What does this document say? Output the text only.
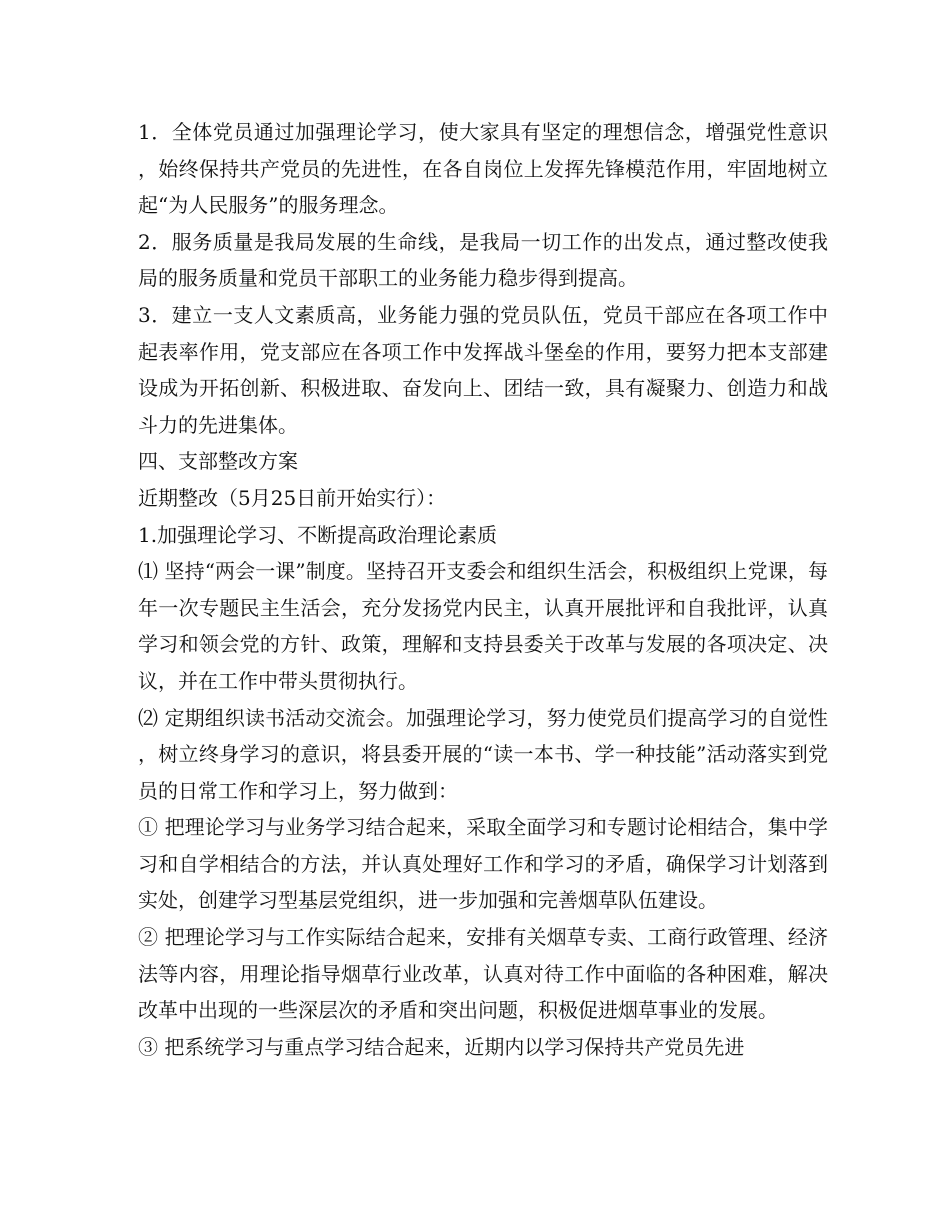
1．全体党员通过加强理论学习，使大家具有坚定的理想信念，增强党性意识，始终保持共产党员的先进性，在各自岗位上发挥先锋模范作用，牢固地树立起“为人民服务”的服务理念。

2．服务质量是我局发展的生命线，是我局一切工作的出发点，通过整改使我局的服务质量和党员干部职工的业务能力稳步得到提高。

3．建立一支人文素质高，业务能力强的党员队伍，党员干部应在各项工作中起表率作用，党支部应在各项工作中发挥战斗堡垒的作用，要努力把本支部建设成为开拓创新、积极进取、奋发向上、团结一致，具有凝聚力、创造力和战斗力的先进集体。

四、支部整改方案

近期整改（5月25日前开始实行）：

1.加强理论学习、不断提高政治理论素质

⑴ 坚持“两会一课”制度。坚持召开支委会和组织生活会，积极组织上党课，每年一次专题民主生活会，充分发扬党内民主，认真开展批评和自我批评，认真学习和领会党的方针、政策，理解和支持县委关于改革与发展的各项决定、决议，并在工作中带头贯彻执行。

⑵ 定期组织读书活动交流会。加强理论学习，努力使党员们提高学习的自觉性，树立终身学习的意识，将县委开展的“读一本书、学一种技能”活动落实到党员的日常工作和学习上，努力做到：

① 把理论学习与业务学习结合起来，采取全面学习和专题讨论相结合，集中学习和自学相结合的方法，并认真处理好工作和学习的矛盾，确保学习计划落到实处，创建学习型基层党组织，进一步加强和完善烟草队伍建设。

② 把理论学习与工作实际结合起来，安排有关烟草专卖、工商行政管理、经济法等内容，用理论指导烟草行业改革，认真对待工作中面临的各种困难，解决改革中出现的一些深层次的矛盾和突出问题，积极促进烟草事业的发展。

③ 把系统学习与重点学习结合起来，近期内以学习保持共产党员先进
